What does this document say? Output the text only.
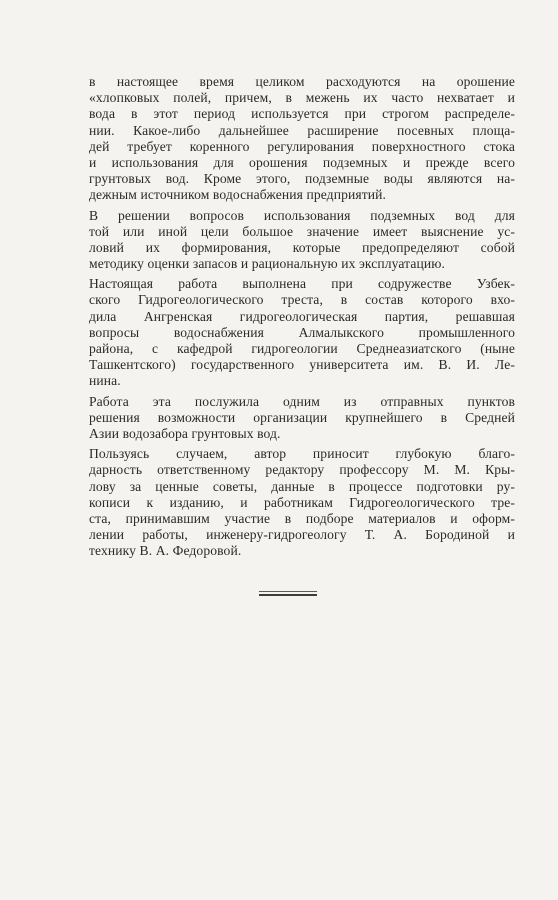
в настоящее время целиком расходуются на орошение
«хлопковых полей, причем, в межень их часто нехватает и
вода в этот период используется при строгом распределе-
нии. Какое-либо дальнейшее расширение посевных площа-
дей требует коренного регулирования поверхностного стока
и использования для орошения подземных и прежде всего
грунтовых вод. Кроме этого, подземные воды являются на-
дежным источником водоснабжения предприятий.
В решении вопросов использования подземных вод для
той или иной цели большое значение имеет выяснение ус-
ловий их формирования, которые предопределяют собой
методику оценки запасов и рациональную их эксплуатацию.
Настоящая работа выполнена при содружестве Узбек-
ского Гидрогеологического треста, в состав которого вхо-
дила Ангренская гидрогеологическая партия, решавшая
вопросы водоснабжения Алмалыкского промышленного
района, с кафедрой гидрогеологии Среднеазиатского (ныне
Ташкентского) государственного университета им. В. И. Ле-
нина.
Работа эта послужила одним из отправных пунктов
решения возможности организации крупнейшего в Средней
Азии водозабора грунтовых вод.
Пользуясь случаем, автор приносит глубокую благо-
дарность ответственному редактору профессору М. М. Кры-
лову за ценные советы, данные в процессе подготовки ру-
кописи к изданию, и работникам Гидрогеологического тре-
ста, принимавшим участие в подборе материалов и оформ-
лении работы, инженеру-гидрогеологу Т. А. Бородиной и
технику В. А. Федоровой.
